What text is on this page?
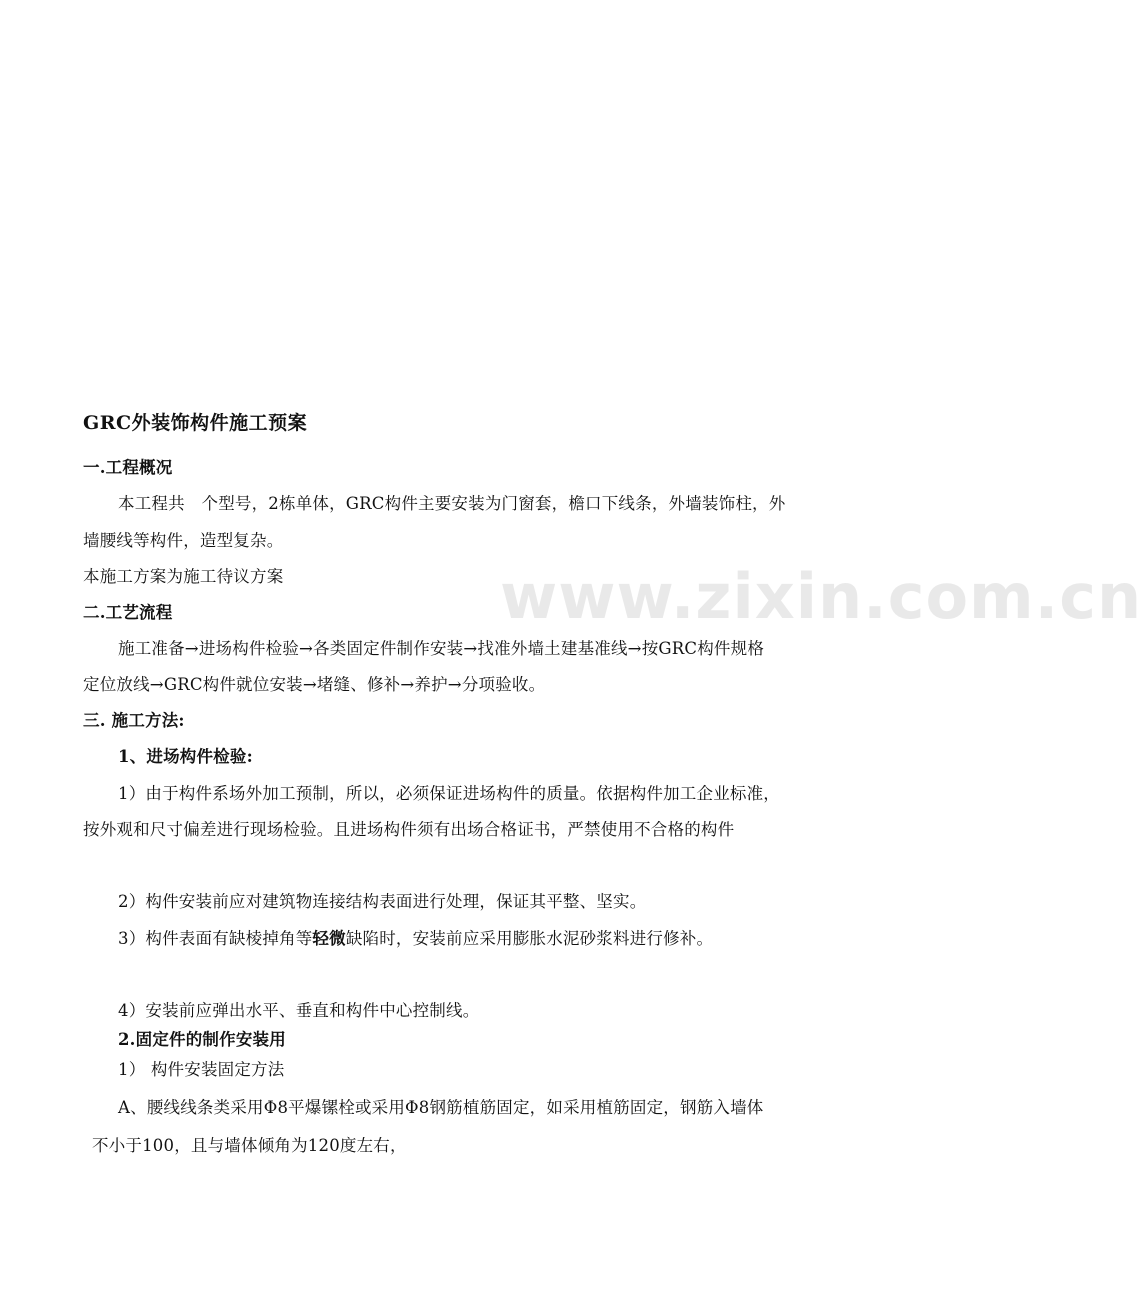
www.zixin.com.cn
GRC外装饰构件施工预案
一.工程概况
本工程共　个型号，2栋单体，GRC构件主要安装为门窗套，檐口下线条，外墙装饰柱，外
墙腰线等构件，造型复杂。
本施工方案为施工待议方案
二.工艺流程
施工准备→进场构件检验→各类固定件制作安装→找准外墙土建基准线→按GRC构件规格
定位放线→GRC构件就位安装→堵缝、修补→养护→分项验收。
三. 施工方法:
1、进场构件检验:
1）由于构件系场外加工预制，所以，必须保证进场构件的质量。依据构件加工企业标准，
按外观和尺寸偏差进行现场检验。且进场构件须有出场合格证书，严禁使用不合格的构件
2）构件安装前应对建筑物连接结构表面进行处理，保证其平整、坚实。
3）构件表面有缺棱掉角等轻微缺陷时，安装前应采用膨胀水泥砂浆料进行修补。
4）安装前应弹出水平、垂直和构件中心控制线。
2.固定件的制作安装用
1） 构件安装固定方法
A、腰线线条类采用Φ8平爆镙栓或采用Φ8钢筋植筋固定，如采用植筋固定，钢筋入墙体
不小于100，且与墙体倾角为120度左右，
